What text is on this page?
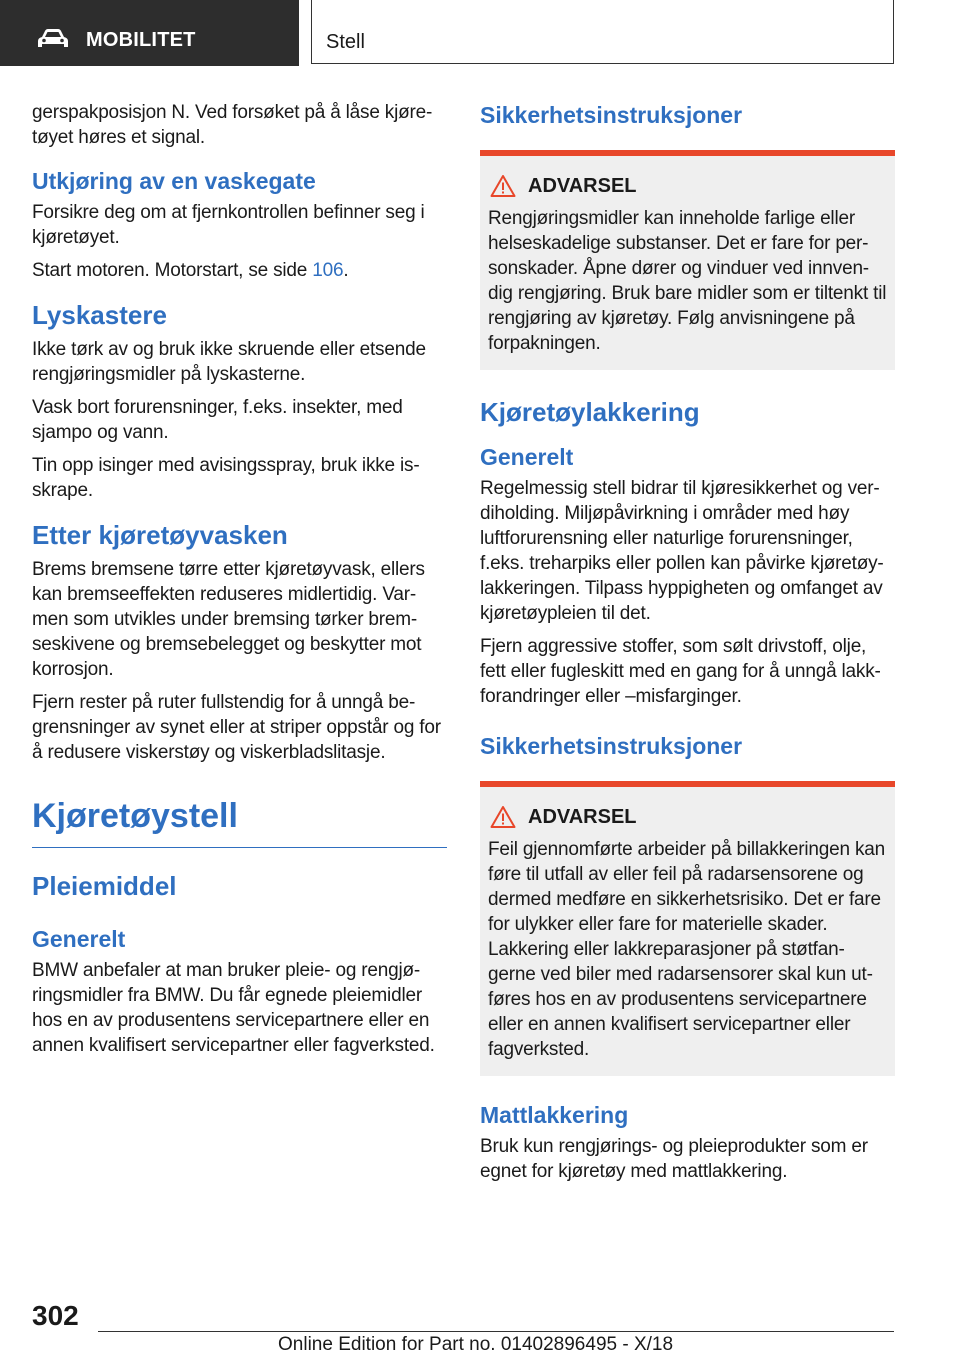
MOBILITET	Stell

gerspakposisjon N. Ved forsøket på å låse kjøre‐tøyet høres et signal.

Utkjøring av en vaskegate

Forsikre deg om at fjernkontrollen befinner seg i kjøretøyet.

Start motoren. Motorstart, se side 106.

Lyskastere

Ikke tørk av og bruk ikke skruende eller etsende rengjøringsmidler på lyskasterne.

Vask bort forurensninger, f.eks. insekter, med sjampo og vann.

Tin opp isinger med avisingsspray, bruk ikke is‐skrape.

Etter kjøretøyvasken

Brems bremsene tørre etter kjøretøyvask, ellers kan bremseeffekten reduseres midlertidig. Var‐men som utvikles under bremsing tørker brem‐seskivene og bremsebelegget og beskytter mot korrosjon.

Fjern rester på ruter fullstendig for å unngå be‐grensninger av synet eller at striper oppstår og for å redusere viskerstøy og viskerbladslitasje.

Kjøretøystell
Pleiemiddel
Generelt

BMW anbefaler at man bruker pleie- og rengjø‐ringsmidler fra BMW. Du får egnede pleiemidler hos en av produsentens servicepartnere eller en annen kvalifisert servicepartner eller fagverksted.

Sikkerhetsinstruksjoner
ADVARSEL

Rengjøringsmidler kan inneholde farlige eller helseskadelige substanser. Det er fare for per‐sonskader. Åpne dører og vinduer ved innven‐dig rengjøring. Bruk bare midler som er tiltenkt til rengjøring av kjøretøy. Følg anvisningene på forpakningen.

Kjøretøylakkering
Generelt

Regelmessig stell bidrar til kjøresikkerhet og ver‐diholding. Miljøpåvirkning i områder med høy luftforurensning eller naturlige forurensninger, f.eks. treharpiks eller pollen kan påvirke kjøretøy‐lakkeringen. Tilpass hyppigheten og omfanget av kjøretøypleien til det.

Fjern aggressive stoffer, som sølt drivstoff, olje, fett eller fugleskitt med en gang for å unngå lakk‐forandringer eller –misfarginger.

Sikkerhetsinstruksjoner
ADVARSEL

Feil gjennomførte arbeider på billakkeringen kan føre til utfall av eller feil på radarsensorene og dermed medføre en sikkerhetsrisiko. Det er fare for ulykker eller fare for materielle skader. Lakkering eller lakkreparasjoner på støtfan‐gerne ved biler med radarsensorer skal kun ut‐føres hos en av produsentens servicepartnere eller en annen kvalifisert servicepartner eller fagverksted.

Mattlakkering

Bruk kun rengjørings- og pleieprodukter som er egnet for kjøretøy med mattlakkering.

302
Online Edition for Part no. 01402896495 - X/18
